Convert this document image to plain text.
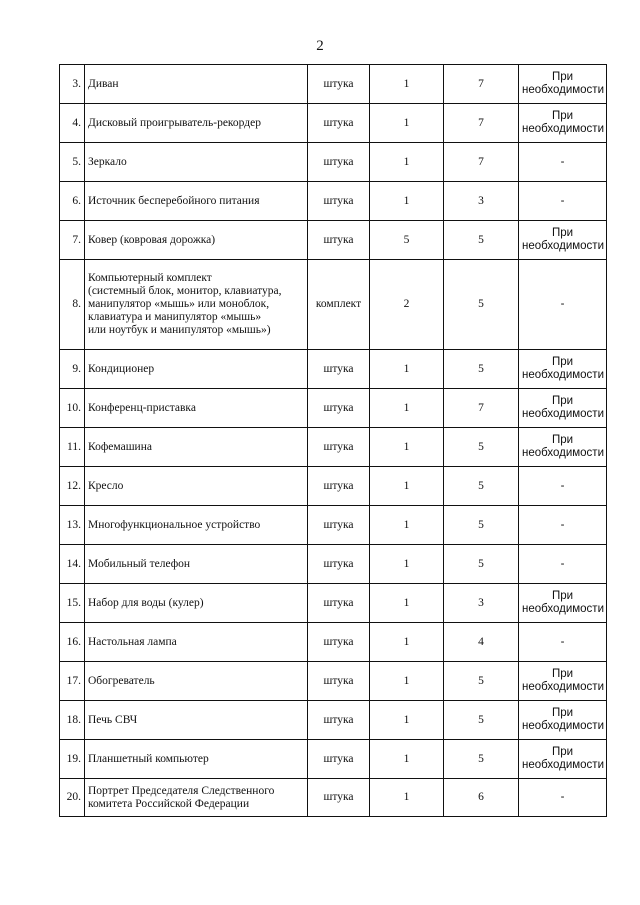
2
3.	Диван	штука	1	7	При
необходимости

4.	Дисковый проигрыватель-рекордер	штука	1	7	При
необходимости

5.	Зеркало	штука	1	7	-

6.	Источник бесперебойного питания	штука	1	3	-

7.	Ковер (ковровая дорожка)	штука	5	5	При
необходимости

8.	Компьютерный комплект
(системный блок, монитор, клавиатура,
манипулятор «мышь» или моноблок,
клавиатура и манипулятор «мышь»
или ноутбук и манипулятор «мышь»)	комплект	2	5	-

9.	Кондиционер	штука	1	5	При
необходимости

10.	Конференц-приставка	штука	1	7	При
необходимости

11.	Кофемашина	штука	1	5	При
необходимости

12.	Кресло	штука	1	5	-

13.	Многофункциональное устройство	штука	1	5	-

14.	Мобильный телефон	штука	1	5	-

15.	Набор для воды (кулер)	штука	1	3	При
необходимости

16.	Настольная лампа	штука	1	4	-

17.	Обогреватель	штука	1	5	При
необходимости

18.	Печь СВЧ	штука	1	5	При
необходимости

19.	Планшетный компьютер	штука	1	5	При
необходимости

20.	Портрет Председателя Следственного
комитета Российской Федерации	штука	1	6	-
